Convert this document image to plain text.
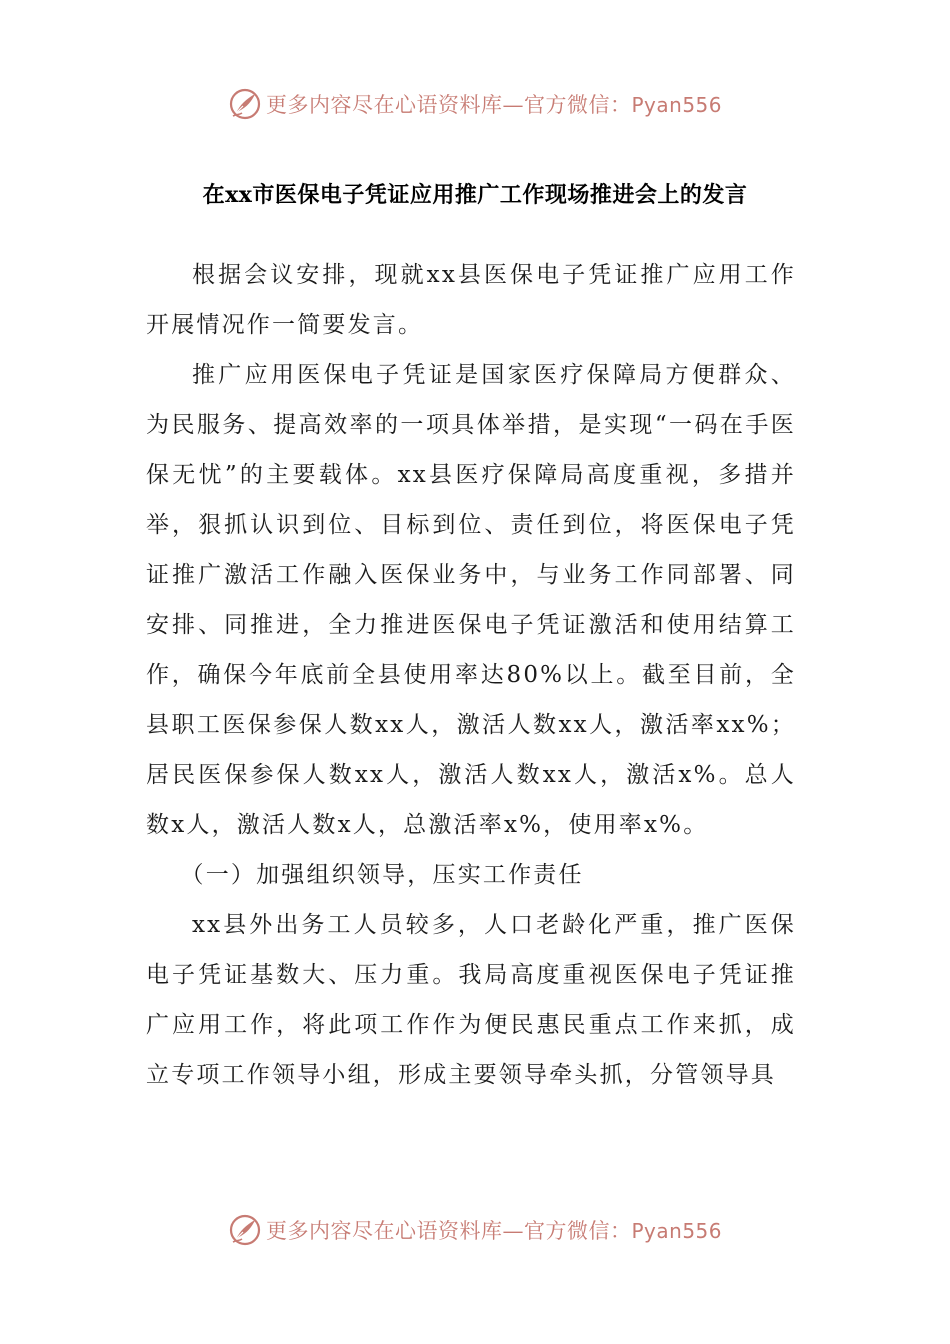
更多内容尽在心语资料库—官方微信：Pyan556
在xx市医保电子凭证应用推广工作现场推进会上的发言

根据会议安排，现就xx县医保电子凭证推广应用工作开展情况作一简要发言。

推广应用医保电子凭证是国家医疗保障局方便群众、为民服务、提高效率的一项具体举措，是实现“一码在手医保无忧”的主要载体。xx县医疗保障局高度重视，多措并举，狠抓认识到位、目标到位、责任到位，将医保电子凭证推广激活工作融入医保业务中，与业务工作同部署、同安排、同推进，全力推进医保电子凭证激活和使用结算工作，确保今年底前全县使用率达80%以上。截至目前，全县职工医保参保人数xx人，激活人数xx人，激活率xx%；居民医保参保人数xx人，激活人数xx人，激活x%。总人数x人，激活人数x人，总激活率x%，使用率x%。

（一）加强组织领导，压实工作责任

xx县外出务工人员较多，人口老龄化严重，推广医保电子凭证基数大、压力重。我局高度重视医保电子凭证推广应用工作，将此项工作作为便民惠民重点工作来抓，成立专项工作领导小组，形成主要领导牵头抓，分管领导具

更多内容尽在心语资料库—官方微信：Pyan556
